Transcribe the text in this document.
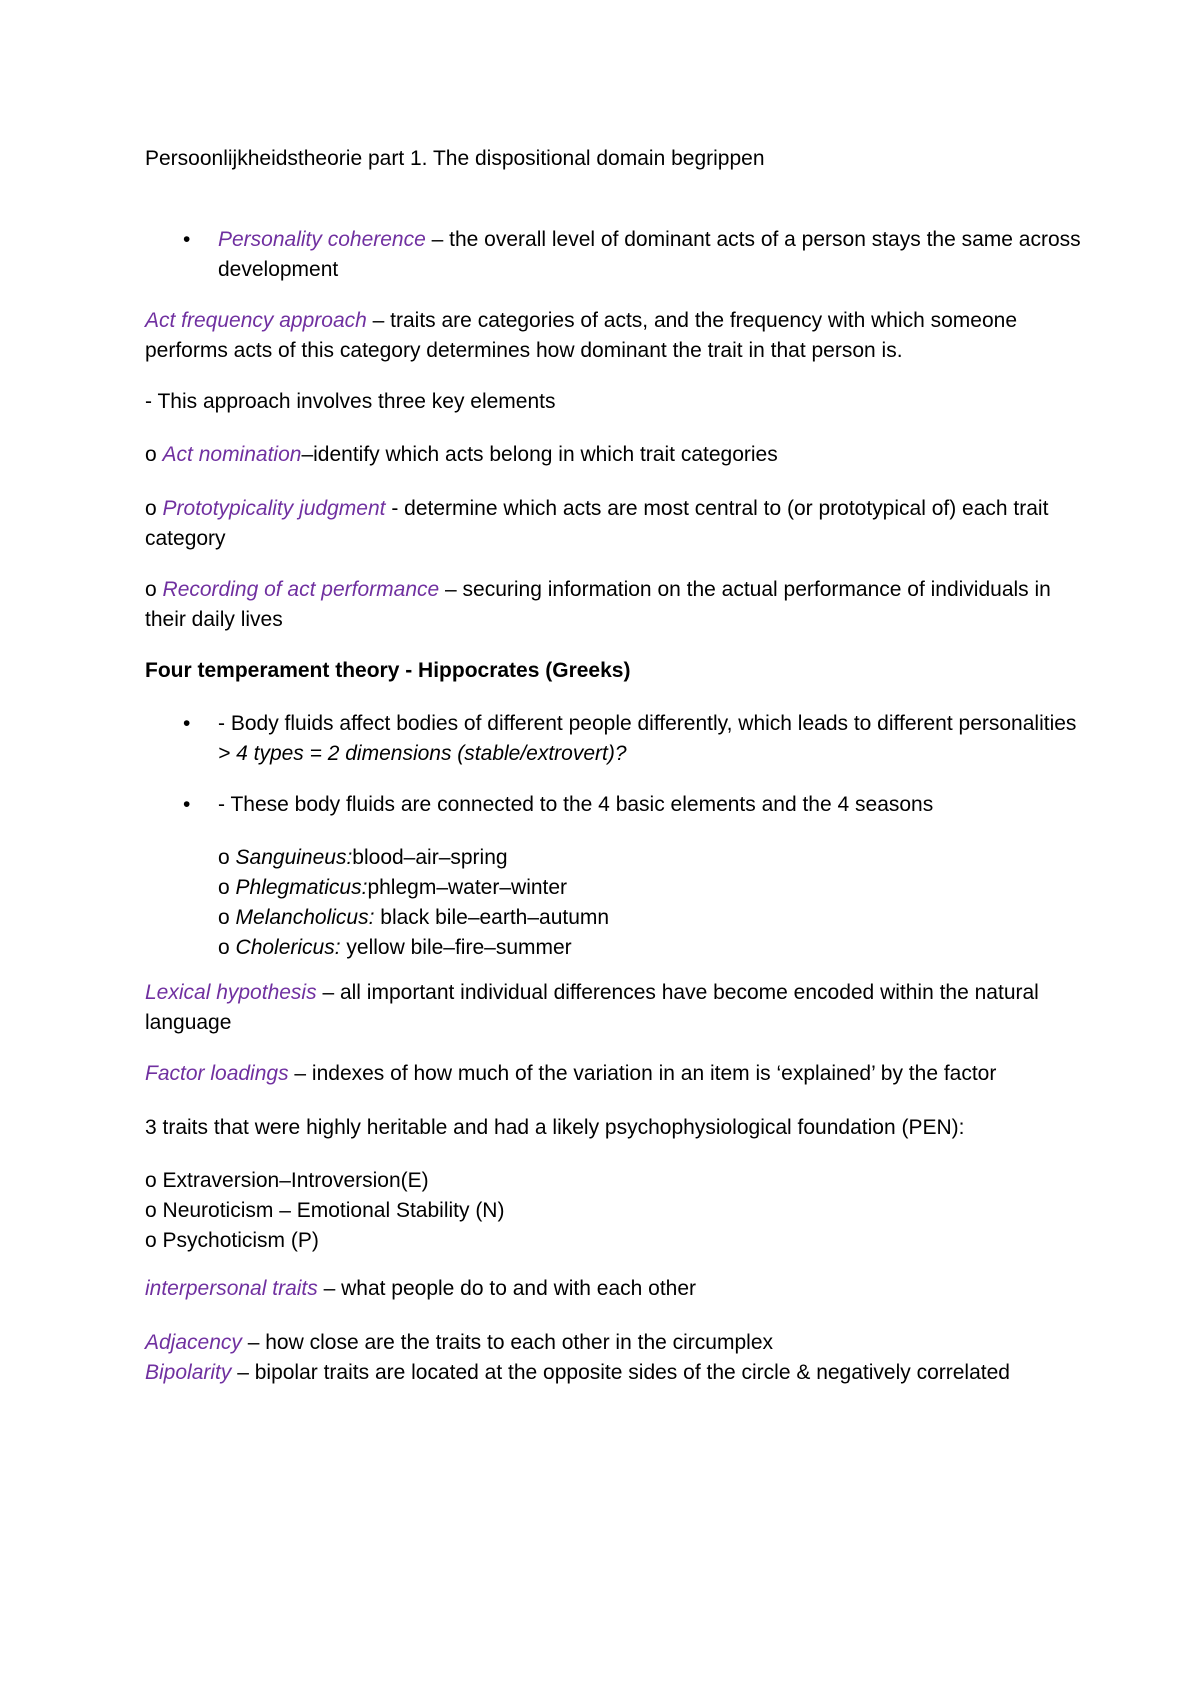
Persoonlijkheidstheorie part 1. The dispositional domain begrippen
• Personality coherence – the overall level of dominant acts of a person stays the same across development
Act frequency approach – traits are categories of acts, and the frequency with which someone performs acts of this category determines how dominant the trait in that person is.
- This approach involves three key elements
o Act nomination–identify which acts belong in which trait categories
o Prototypicality judgment - determine which acts are most central to (or prototypical of) each trait category
o Recording of act performance – securing information on the actual performance of individuals in their daily lives
Four temperament theory - Hippocrates (Greeks)
• - Body fluids affect bodies of different people differently, which leads to different personalities > 4 types = 2 dimensions (stable/extrovert)?
• - These body fluids are connected to the 4 basic elements and the 4 seasons
o Sanguineus:blood–air–spring
o Phlegmaticus:phlegm–water–winter
o Melancholicus: black bile–earth–autumn
o Cholericus: yellow bile–fire–summer
Lexical hypothesis – all important individual differences have become encoded within the natural language
Factor loadings – indexes of how much of the variation in an item is ‘explained’ by the factor
3 traits that were highly heritable and had a likely psychophysiological foundation (PEN):
o Extraversion–Introversion(E)
o Neuroticism – Emotional Stability (N)
o Psychoticism (P)
interpersonal traits – what people do to and with each other
Adjacency – how close are the traits to each other in the circumplex
Bipolarity – bipolar traits are located at the opposite sides of the circle & negatively correlated
